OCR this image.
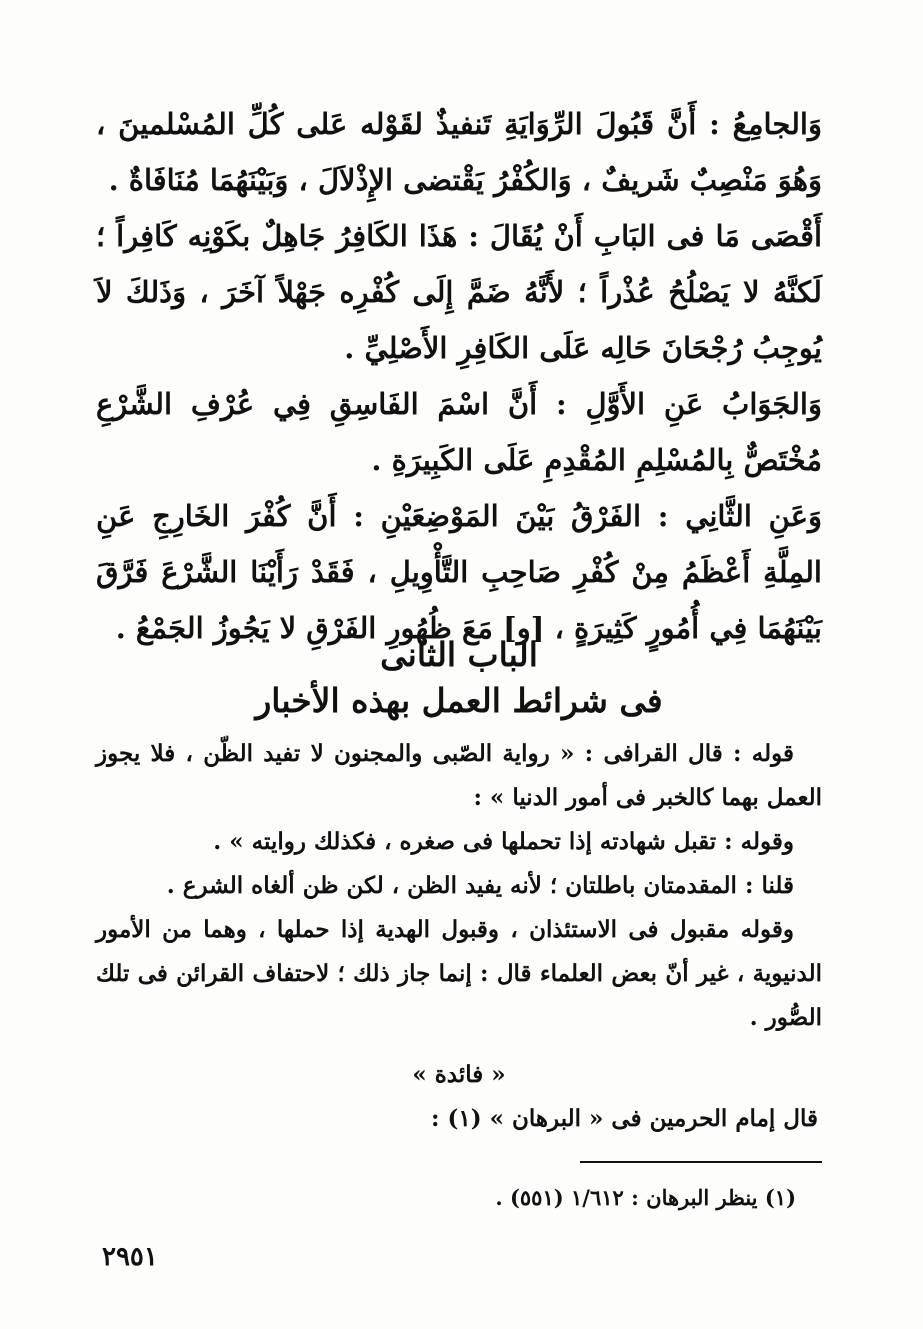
وَالجامِعُ : أَنَّ قَبُولَ الرِّوَايَةِ تَنفيذٌ لقَوْله عَلى كُلِّ المُسْلمينَ ، وَهُوَ مَنْصِبٌ شَريفٌ ، وَالكُفْرُ يَقْتضى الإِذْلاَلَ ، وَبَيْنَهُمَا مُنَافَاةٌ .

أَقْصَى مَا فى البَابِ أَنْ يُقَالَ : هَذَا الكَافِرُ جَاهِلٌ بكَوْنِه كَافِراً ؛ لَكنَّهُ لا يَصْلُحُ عُذْراً ؛ لأَنَّهُ ضَمَّ إِلَى كُفْرِه جَهْلاً آخَرَ ، وَذَلكَ لاَ يُوجِبُ رُجْحَانَ حَالِه عَلَى الكَافِرِ الأَصْلِيِّ .

وَالجَوَابُ عَنِ الأَوَّلِ : أَنَّ اسْمَ الفَاسِقِ فِي عُرْفِ الشَّرْعِ مُخْتَصٌّ بِالمُسْلِمِ المُقْدِمِ عَلَى الكَبِيرَةِ .

وَعَنِ الثَّانِي : الفَرْقُ بَيْنَ المَوْضِعَيْنِ : أَنَّ كُفْرَ الخَارِجِ عَنِ المِلَّةِ أَعْظَمُ مِنْ كُفْرِ صَاحِبِ التَّأْوِيلِ ، فَقَدْ رَأَيْنَا الشَّرْعَ فَرَّقَ بَيْنَهُمَا فِي أُمُورٍ كَثِيرَةٍ ، [و] مَعَ ظُهُورِ الفَرْقِ لا يَجُوزُ الجَمْعُ .

الباب الثانى
فى شرائط العمل بهذه الأخبار

قوله : قال القرافى : « رواية الصّبى والمجنون لا تفيد الظّن ، فلا يجوز العمل بهما كالخبر فى أمور الدنيا » :

وقوله : تقبل شهادته إذا تحملها فى صغره ، فكذلك روايته » .

قلنا : المقدمتان باطلتان ؛ لأنه يفيد الظن ، لكن ظن ألغاه الشرع .

وقوله مقبول فى الاستئذان ، وقبول الهدية إذا حملها ، وهما من الأمور الدنيوية ، غير أنّ بعض العلماء قال : إنما جاز ذلك ؛ لاحتفاف القرائن فى تلك الصُّور .

« فائدة »
قال إمام الحرمين فى « البرهان » (١) :
(١) ينظر البرهان : ١/٦١٢ (٥٥١) .
٢٩٥١
